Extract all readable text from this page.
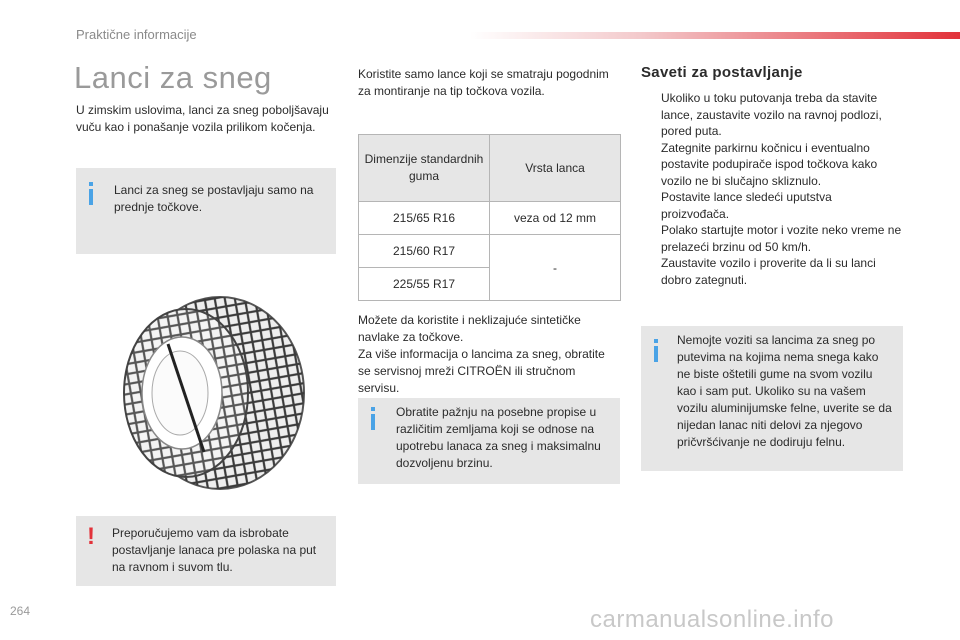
Praktične informacije
Lanci za sneg

U zimskim uslovima, lanci za sneg poboljšavaju vuču kao i ponašanje vozila prilikom kočenja.

Lanci za sneg se postavljaju samo na prednje točkove.
! Preporučujemo vam da isbrobate postavljanje lanaca pre polaska na put na ravnom i suvom tlu.

Koristite samo lance koji se smatraju pogodnim za montiranje na tip točkova vozila.

Dimenzije standardnih guma	Vrsta lanca
215/65 R16	veza od 12 mm
215/60 R17	-
225/55 R17	

Možete da koristite i neklizajuće sintetičke navlake za točkove.

Za više informacija o lancima za sneg, obratite se servisnoj mreži CITROËN ili stručnom servisu.

Obratite pažnju na posebne propise u različitim zemljama koji se odnose na upotrebu lanaca za sneg i maksimalnu dozvoljenu brzinu.
Saveti za postavljanje
Ukoliko u toku putovanja treba da stavite lance, zaustavite vozilo na ravnoj podlozi, pored puta.
Zategnite parkirnu kočnicu i eventualno postavite podupirače ispod točkova kako vozilo ne bi slučajno skliznulo.
Postavite lance sledeći uputstva proizvođača.
Polako startujte motor i vozite neko vreme ne prelazeći brzinu od 50 km/h.
Zaustavite vozilo i proverite da li su lanci dobro zategnuti.
Nemojte voziti sa lancima za sneg po putevima na kojima nema snega kako ne biste oštetili gume na svom vozilu kao i sam put. Ukoliko su na vašem vozilu aluminijumske felne, uverite se da nijedan lanac niti delovi za njegovo pričvršćivanje ne dodiruju felnu.
264	carmanualsonline.info
